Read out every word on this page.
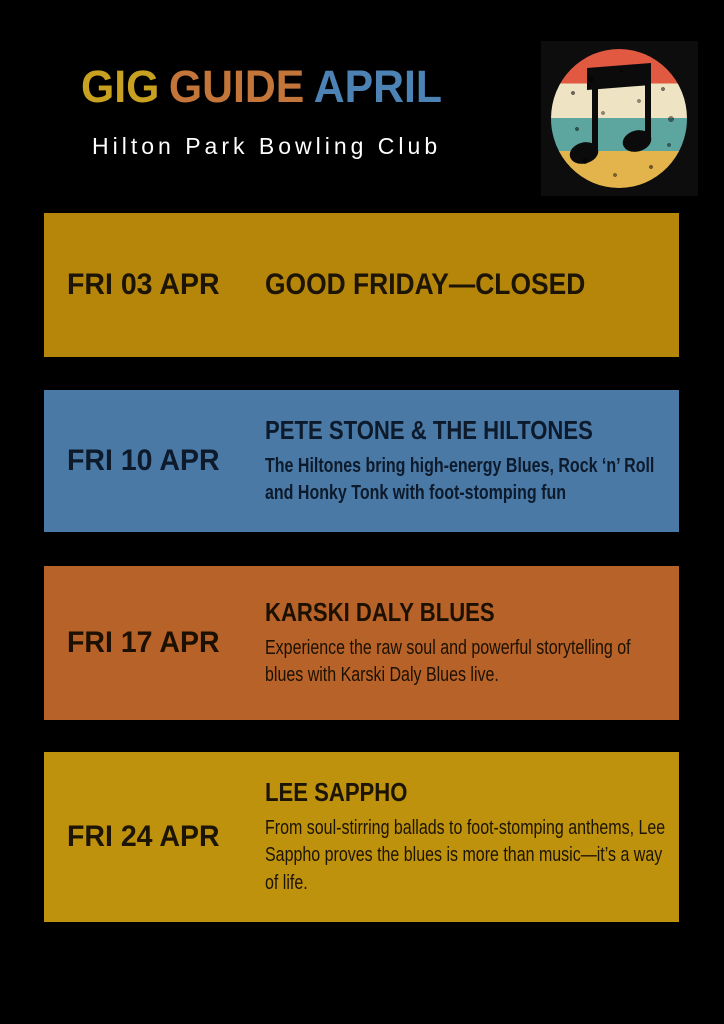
GIG GUIDE APRIL
Hilton Park Bowling Club
FRI 03 APR	GOOD FRIDAY—CLOSED
FRI 10 APR
PETE STONE & THE HILTONES
The Hiltones bring high-energy Blues, Rock ‘n’ Roll
and Honky Tonk with foot-stomping fun
FRI 17 APR
KARSKI DALY BLUES
Experience the raw soul and powerful storytelling of
blues with Karski Daly Blues live.
FRI 24 APR
LEE SAPPHO
From soul-stirring ballads to foot-stomping anthems, Lee
Sappho proves the blues is more than music—it’s a way
of life.
